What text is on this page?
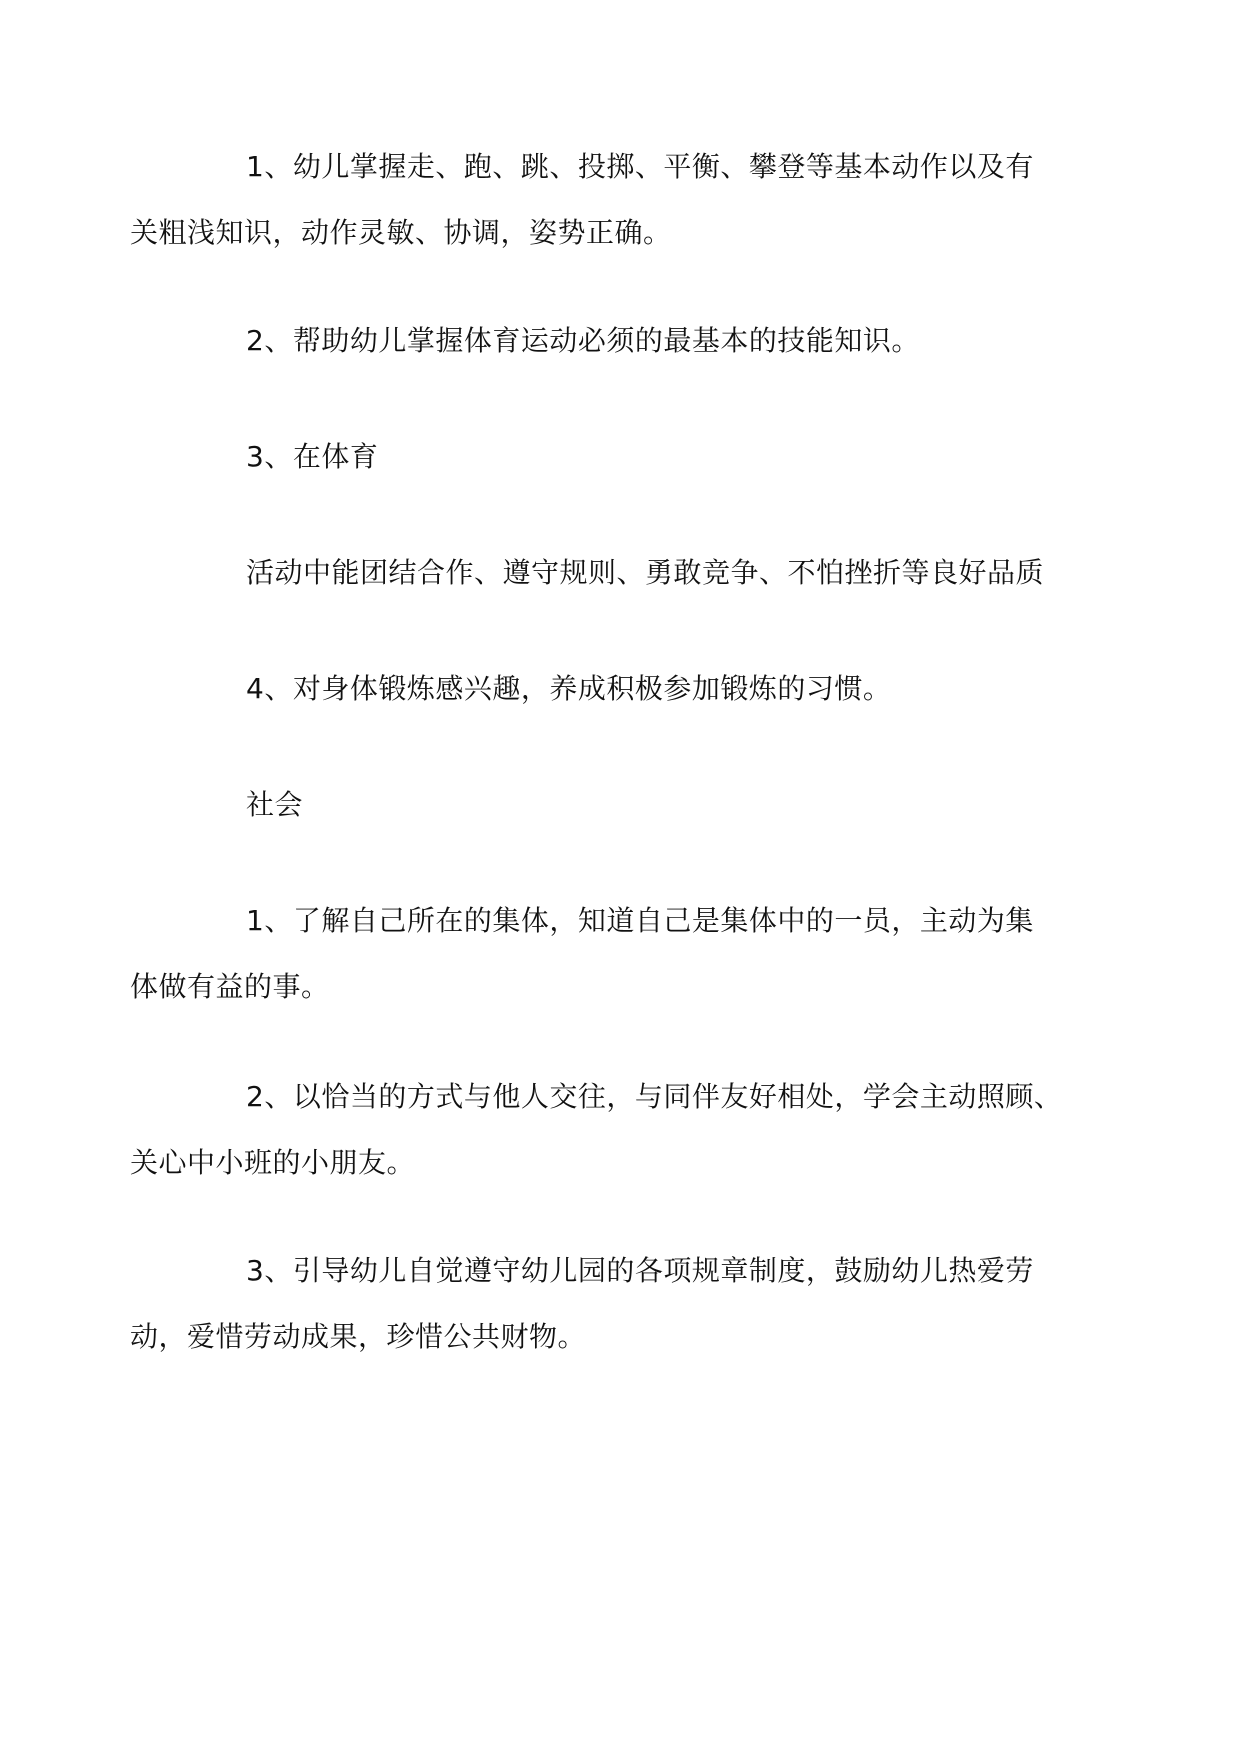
1、幼儿掌握走、跑、跳、投掷、平衡、攀登等基本动作以及有
关粗浅知识，动作灵敏、协调，姿势正确。

2、帮助幼儿掌握体育运动必须的最基本的技能知识。

3、在体育

活动中能团结合作、遵守规则、勇敢竞争、不怕挫折等良好品质

4、对身体锻炼感兴趣，养成积极参加锻炼的习惯。

社会

1、了解自己所在的集体，知道自己是集体中的一员，主动为集
体做有益的事。

2、以恰当的方式与他人交往，与同伴友好相处，学会主动照顾、
关心中小班的小朋友。

3、引导幼儿自觉遵守幼儿园的各项规章制度，鼓励幼儿热爱劳
动，爱惜劳动成果，珍惜公共财物。
